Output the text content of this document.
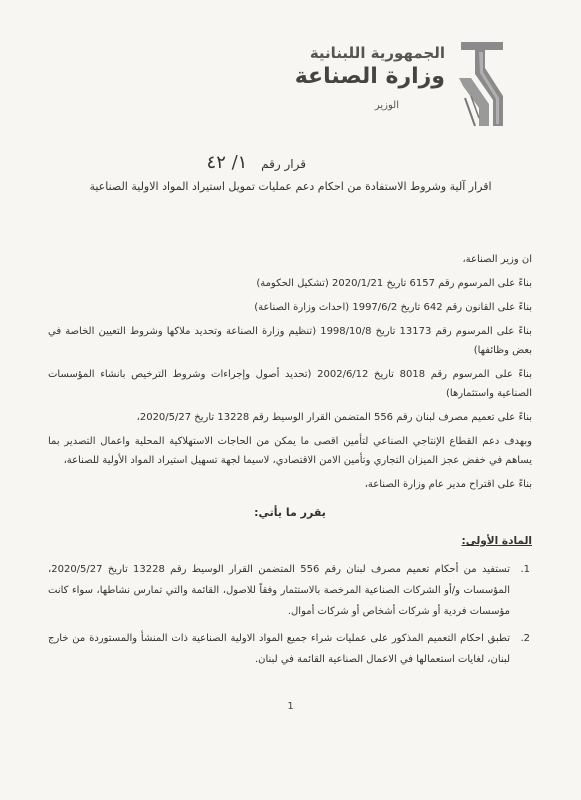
الجمهورية اللبنانية
وزارة الصناعة
الوزير
قرار رقم ١/ ٤٢
اقرار آلية وشروط الاستفادة من احكام دعم عمليات تمويل استيراد المواد الاولية الصناعية

ان وزير الصناعة،

بناءً على المرسوم رقم 6157 تاريخ 2020/1/21 (تشكيل الحكومة)

بناءً على القانون رقم 642 تاريخ 1997/6/2 (احداث وزارة الصناعة)

بناءً على المرسوم رقم 13173 تاريخ 1998/10/8 (تنظيم وزارة الصناعة وتحديد ملاكها وشروط التعيين الخاصة في بعض وظائفها)

بناءً على المرسوم رقم 8018 تاريخ 2002/6/12 (تحديد أصول وإجراءات وشروط الترخيص بانشاء المؤسسات الصناعية واستثمارها)

بناءً على تعميم مصرف لبنان رقم 556 المتضمن القرار الوسيط رقم 13228 تاريخ 2020/5/27،

وبهدف دعم القطاع الإنتاجي الصناعي لتأمين اقصى ما يمكن من الحاجات الاستهلاكية المحلية واعمال التصدير بما يساهم في خفض عجز الميزان التجاري وتأمين الامن الاقتصادي، لاسيما لجهة تسهيل استيراد المواد الأولية للصناعة،

بناءً على اقتراح مدير عام وزارة الصناعة،

يقرر ما يأتي:
المادة الأولى:
1.
تستفيد من أحكام تعميم مصرف لبنان رقم 556 المتضمن القرار الوسيط رقم 13228 تاريخ 2020/5/27، المؤسسات و/أو الشركات الصناعية المرخصة بالاستثمار وفقاً للاصول، القائمة والتي تمارس نشاطها، سواء كانت مؤسسات فردية أو شركات أشخاص أو شركات أموال.
2.
تطبق احكام التعميم المذكور على عمليات شراء جميع المواد الاولية الصناعية ذات المنشأ والمستوردة من خارج لبنان، لغايات استعمالها في الاعمال الصناعية القائمة في لبنان.
1
